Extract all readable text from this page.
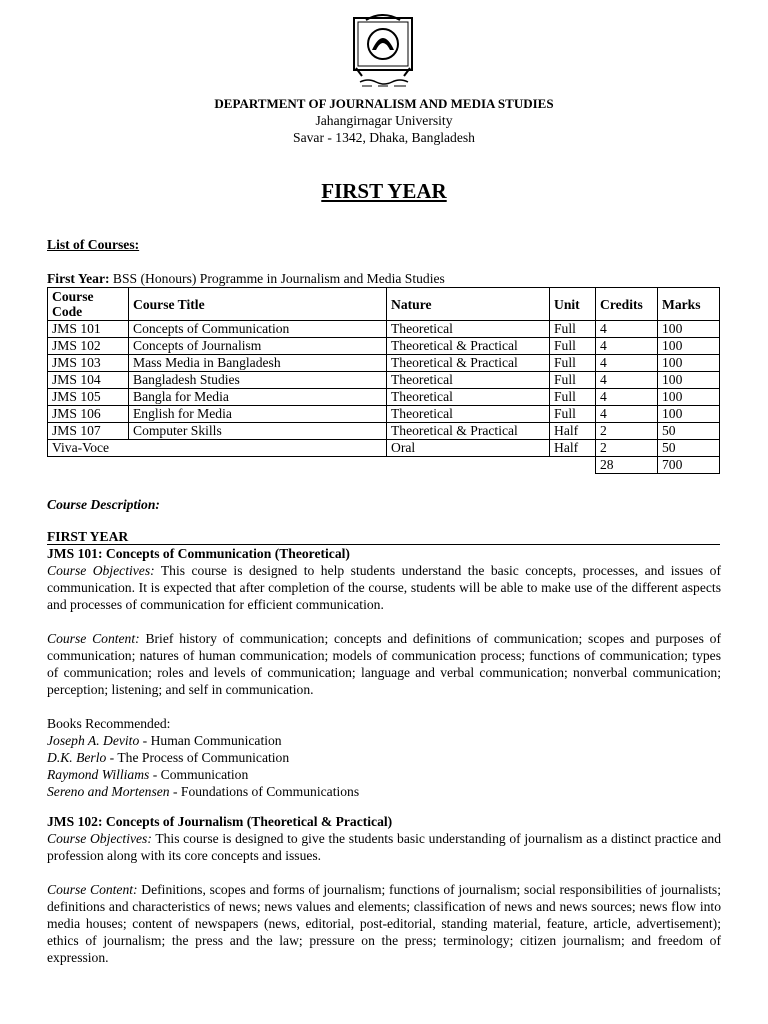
DEPARTMENT OF JOURNALISM AND MEDIA STUDIES
Jahangirnagar University
Savar - 1342, Dhaka, Bangladesh
FIRST YEAR
List of Courses:
First Year: BSS (Honours) Programme in Journalism and Media Studies
Course Code	Course Title	Nature	Unit	Credits	Marks
JMS 101	Concepts of Communication	Theoretical	Full	4	100
JMS 102	Concepts of Journalism	Theoretical & Practical	Full	4	100
JMS 103	Mass Media in Bangladesh	Theoretical & Practical	Full	4	100
JMS 104	Bangladesh Studies	Theoretical	Full	4	100
JMS 105	Bangla for Media	Theoretical	Full	4	100
JMS 106	English for Media	Theoretical	Full	4	100
JMS 107	Computer Skills	Theoretical & Practical	Half	2	50
Viva-Voce		Oral	Half	2	50
				28	700
Course Description:
FIRST YEAR

JMS 101: Concepts of Communication (Theoretical)

Course Objectives: This course is designed to help students understand the basic concepts, processes, and issues of communication. It is expected that after completion of the course, students will be able to make use of the different aspects and processes of communication for efficient communication.

Course Content: Brief history of communication; concepts and definitions of communication; scopes and purposes of communication; natures of human communication; models of communication process; functions of communication; types of communication; roles and levels of communication; language and verbal communication; nonverbal communication; perception; listening; and self in communication.

Books Recommended:

Joseph A. Devito - Human Communication

D.K. Berlo - The Process of Communication

Raymond Williams - Communication

Sereno and Mortensen - Foundations of Communications

JMS 102: Concepts of Journalism (Theoretical & Practical)

Course Objectives: This course is designed to give the students basic understanding of journalism as a distinct practice and profession along with its core concepts and issues.

Course Content: Definitions, scopes and forms of journalism; functions of journalism; social responsibilities of journalists; definitions and characteristics of news; news values and elements; classification of news and news sources; news flow into media houses; content of newspapers (news, editorial, post-editorial, standing material, feature, article, advertisement); ethics of journalism; the press and the law; pressure on the press; terminology; citizen journalism; and freedom of expression.
